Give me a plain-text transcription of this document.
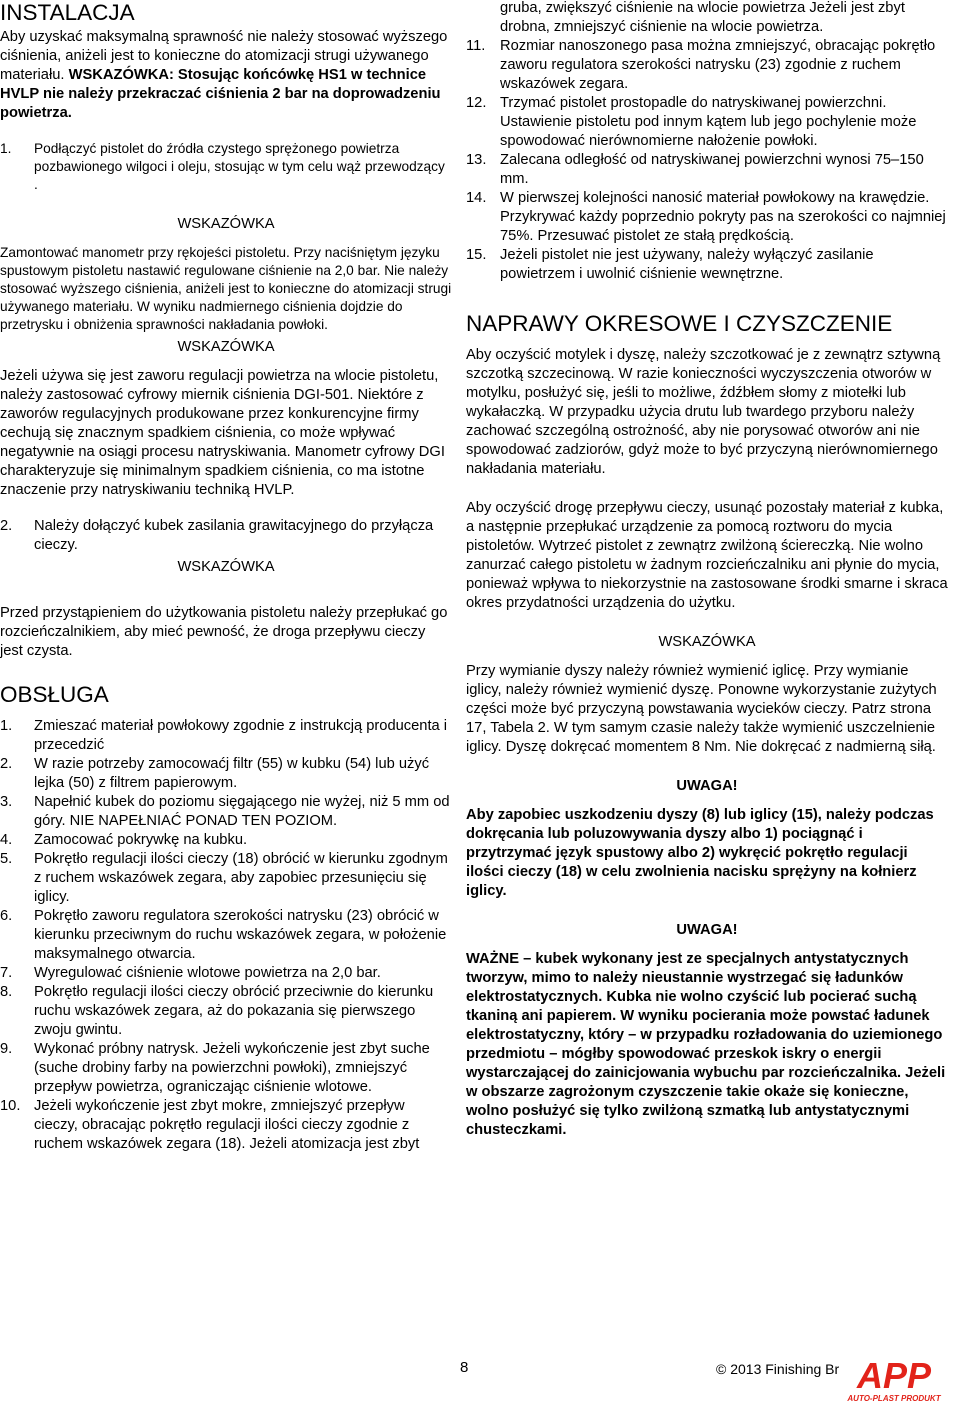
INSTALACJA

Aby uzyskać maksymalną sprawność nie należy stosować wyższego ciśnienia, aniżeli jest to konieczne do atomizacji strugi używanego materiału. WSKAZÓWKA: Stosując końcówkę HS1 w technice HVLP nie należy przekraczać ciśnienia 2 bar na doprowadzeniu powietrza.

1. Podłączyć pistolet do źródła czystego sprężonego powietrza pozbawionego wilgoci i oleju, stosując w tym celu wąż przewodzący .
WSKAZÓWKA

Zamontować manometr przy rękojeści pistoletu. Przy naciśniętym języku spustowym pistoletu nastawić regulowane ciśnienie na 2,0 bar. Nie należy stosować wyższego ciśnienia, aniżeli jest to konieczne do atomizacji strugi używanego materiału. W wyniku nadmiernego ciśnienia dojdzie do przetrysku i obniżenia sprawności nakładania powłoki.

WSKAZÓWKA

Jeżeli używa się jest zaworu regulacji powietrza na wlocie pistoletu, należy zastosować cyfrowy miernik ciśnienia DGI-501. Niektóre z zaworów regulacyjnych produkowane przez konkurencyjne firmy cechują się znacznym spadkiem ciśnienia, co może wpływać negatywnie na osiągi procesu natryskiwania. Manometr cyfrowy DGI charakteryzuje się minimalnym spadkiem ciśnienia, co ma istotne znaczenie przy natryskiwaniu techniką HVLP.

2. Należy dołączyć kubek zasilania grawitacyjnego do przyłącza cieczy.
WSKAZÓWKA

Przed przystąpieniem do użytkowania pistoletu należy przepłukać go rozcieńczalnikiem, aby mieć pewność, że droga przepływu cieczy jest czysta.

OBSŁUGA
1. Zmieszać materiał powłokowy zgodnie z instrukcją producenta i przecedzić
2. W razie potrzeby zamocowaćj filtr (55) w kubku (54) lub użyć lejka (50) z filtrem papierowym.
3. Napełnić kubek do poziomu sięgającego nie wyżej, niż 5 mm od góry. NIE NAPEŁNIAĆ PONAD TEN POZIOM.
4. Zamocować pokrywkę na kubku.
5. Pokrętło regulacji ilości cieczy (18) obrócić w kierunku zgodnym z ruchem wskazówek zegara, aby zapobiec przesunięciu się iglicy.
6. Pokrętło zaworu regulatora szerokości natrysku (23) obrócić w kierunku przeciwnym do ruchu wskazówek zegara, w położenie maksymalnego otwarcia.
7. Wyregulować ciśnienie wlotowe powietrza na 2,0 bar.
8. Pokrętło regulacji ilości cieczy obrócić przeciwnie do kierunku ruchu wskazówek zegara, aż do pokazania się pierwszego zwoju gwintu.
9. Wykonać próbny natrysk. Jeżeli wykończenie jest zbyt suche (suche drobiny farby na powierzchni powłoki), zmniejszyć przepływ powietrza, ograniczając ciśnienie wlotowe.
10. Jeżeli wykończenie jest zbyt mokre, zmniejszyć przepływ cieczy, obracając pokrętło regulacji ilości cieczy zgodnie z ruchem wskazówek zegara (18). Jeżeli atomizacja jest zbyt

gruba, zwiększyć ciśnienie na wlocie powietrza Jeżeli jest zbyt drobna, zmniejszyć ciśnienie na wlocie powietrza.

11. Rozmiar nanoszonego pasa można zmniejszyć, obracając pokrętło zaworu regulatora szerokości natrysku (23) zgodnie z ruchem wskazówek zegara.
12. Trzymać pistolet prostopadle do natryskiwanej powierzchni. Ustawienie pistoletu pod innym kątem lub jego pochylenie może spowodować nierównomierne nałożenie powłoki.
13. Zalecana odległość od natryskiwanej powierzchni wynosi 75–150 mm.
14. W pierwszej kolejności nanosić materiał powłokowy na krawędzie. Przykrywać każdy poprzednio pokryty pas na szerokości co najmniej 75%. Przesuwać pistolet ze stałą prędkością.
15. Jeżeli pistolet nie jest używany, należy wyłączyć zasilanie powietrzem i uwolnić ciśnienie wewnętrzne.
NAPRAWY OKRESOWE I CZYSZCZENIE

Aby oczyścić motylek i dyszę, należy szczotkować je z zewnątrz sztywną szczotką szczecinową. W razie konieczności wyczyszczenia otworów w motylku, posłużyć się, jeśli to możliwe, źdźbłem słomy z miotełki lub wykałaczką. W przypadku użycia drutu lub twardego przyboru należy zachować szczególną ostrożność, aby nie porysować otworów ani nie spowodować zadziorów, gdyż może to być przyczyną nierównomiernego nakładania materiału.

Aby oczyścić drogę przepływu cieczy, usunąć pozostały materiał z kubka, a następnie przepłukać urządzenie za pomocą roztworu do mycia pistoletów. Wytrzeć pistolet z zewnątrz zwilżoną ściereczką. Nie wolno zanurzać całego pistoletu w żadnym rozcieńczalniku ani płynie do mycia, ponieważ wpływa to niekorzystnie na zastosowane środki smarne i skraca okres przydatności urządzenia do użytku.

WSKAZÓWKA

Przy wymianie dyszy należy również wymienić iglicę. Przy wymianie iglicy, należy również wymienić dyszę. Ponowne wykorzystanie zużytych części może być przyczyną powstawania wycieków cieczy. Patrz strona 17, Tabela 2. W tym samym czasie należy także wymienić uszczelnienie iglicy. Dyszę dokręcać momentem 8 Nm. Nie dokręcać z nadmierną siłą.

UWAGA!

Aby zapobiec uszkodzeniu dyszy (8) lub iglicy (15), należy podczas dokręcania lub poluzowywania dyszy albo 1) pociągnąć i przytrzymać język spustowy albo 2) wykręcić pokrętło regulacji ilości cieczy (18) w celu zwolnienia nacisku sprężyny na kołnierz iglicy.

UWAGA!

WAŻNE – kubek wykonany jest ze specjalnych antystatycznych tworzyw, mimo to należy nieustannie wystrzegać się ładunków elektrostatycznych. Kubka nie wolno czyścić lub pocierać suchą tkaniną ani papierem. W wyniku pocierania może powstać ładunek elektrostatyczny, który – w przypadku rozładowania do uziemionego przedmiotu – mógłby spowodować przeskok iskry o energii wystarczającej do zainicjowania wybuchu par rozcieńczalnika. Jeżeli w obszarze zagrożonym czyszczenie takie okaże się konieczne, wolno posłużyć się tylko zwilżoną szmatką lub antystatycznymi chusteczkami.

8	© 2013 Finishing Br APP
AUTO-PLAST PRODUKT
